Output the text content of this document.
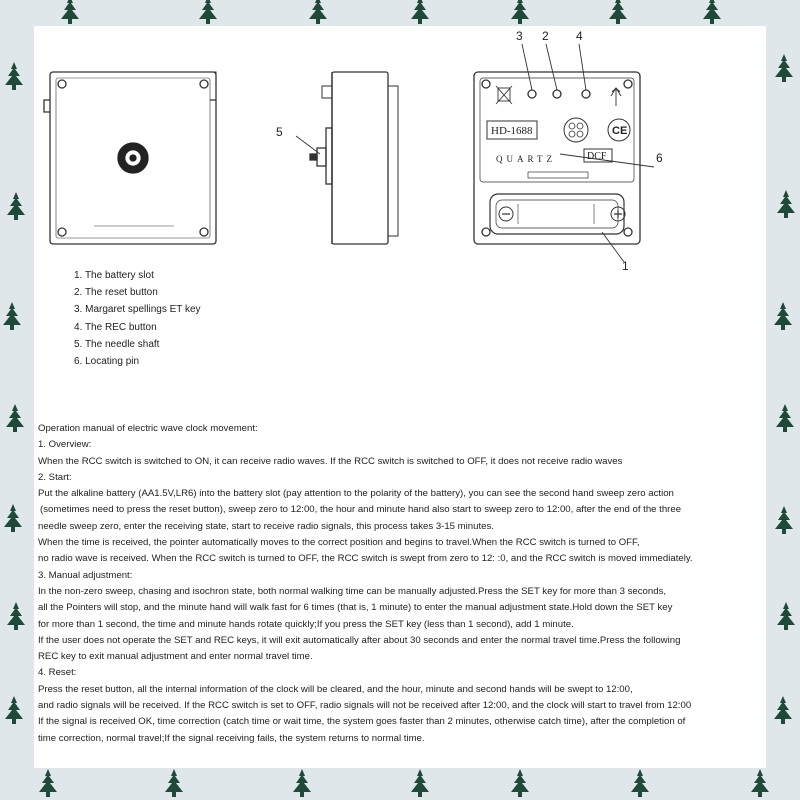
3 2 4
5
6
1
HD-1688
QUARTZ
CE
DCF
1. The battery slot
2. The reset button
3. Margaret spellings ET key
4. The REC button
5. The needle shaft
6. Locating pin
Operation manual of electric wave clock movement:
1. Overview:
When the RCC switch is switched to ON, it can receive radio waves. If the RCC switch is switched to OFF, it does not receive radio waves
2. Start:
Put the alkaline battery (AA1.5V,LR6) into the battery slot (pay attention to the polarity of the battery), you can see the second hand sweep zero action
(sometimes need to press the reset button), sweep zero to 12:00, the hour and minute hand also start to sweep zero to 12:00, after the end of the three
needle sweep zero, enter the receiving state, start to receive radio signals, this process takes 3-15 minutes.
When the time is received, the pointer automatically moves to the correct position and begins to travel.When the RCC switch is turned to OFF,
no radio wave is received. When the RCC switch is turned to OFF, the RCC switch is swept from zero to 12: :0, and the RCC switch is moved immediately.
3. Manual adjustment:
In the non-zero sweep, chasing and isochron state, both normal walking time can be manually adjusted.Press the SET key for more than 3 seconds,
all the Pointers will stop, and the minute hand will walk fast for 6 times (that is, 1 minute) to enter the manual adjustment state.Hold down the SET key
for more than 1 second, the time and minute hands rotate quickly;If you press the SET key (less than 1 second), add 1 minute.
If the user does not operate the SET and REC keys, it will exit automatically after about 30 seconds and enter the normal travel time.Press the following
REC key to exit manual adjustment and enter normal travel time.
4. Reset:
Press the reset button, all the internal information of the clock will be cleared, and the hour, minute and second hands will be swept to 12:00,
and radio signals will be received. If the RCC switch is set to OFF, radio signals will not be received after 12:00, and the clock will start to travel from 12:00
If the signal is received OK, time correction (catch time or wait time, the system goes faster than 2 minutes, otherwise catch time), after the completion of
time correction, normal travel;If the signal receiving fails, the system returns to normal time.
